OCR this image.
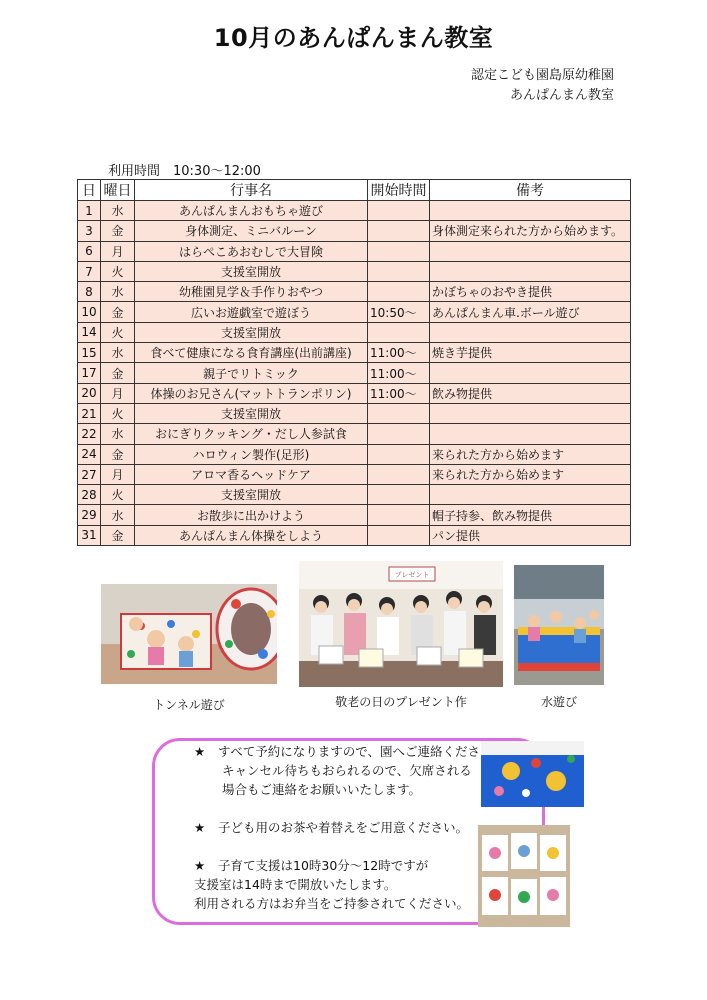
10月のあんぱんまん教室
認定こども園島原幼稚園
あんぱんまん教室
利用時間　10:30〜12:00
日	曜日	行事名	開始時間	備考
1	水	あんぱんまんおもちゃ遊び		
3	金	身体測定、ミニバルーン		身体測定来られた方から始めます。
6	月	はらぺこあおむしで大冒険		
7	火	支援室開放		
8	水	幼稚園見学＆手作りおやつ		かぼちゃのおやき提供
10	金	広いお遊戯室で遊ぼう	10:50〜	あんぱんまん車.ボール遊び
14	火	支援室開放		
15	水	食べて健康になる食育講座(出前講座)	11:00〜	焼き芋提供
17	金	親子でリトミック	11:00〜	
20	月	体操のお兄さん(マットトランポリン)	11:00〜	飲み物提供
21	火	支援室開放		
22	水	おにぎりクッキング・だし人参試食		
24	金	ハロウィン製作(足形)		来られた方から始めます
27	月	アロマ香るヘッドケア		来られた方から始めます
28	火	支援室開放		
29	水	お散歩に出かけよう		帽子持参、飲み物提供
31	金	あんぱんまん体操をしよう		パン提供
トンネル遊び
プレゼント
敬老の日のプレゼント作	水遊び
★ すべて予約になりますので、園へご連絡くださ
キャンセル待ちもおられるので、欠席される
場合もご連絡をお願いいたします。
★ 子ども用のお茶や着替えをご用意ください。
★ 子育て支援は10時30分〜12時ですが
支援室は14時まで開放いたします。
利用される方はお弁当をご持参されてください。
